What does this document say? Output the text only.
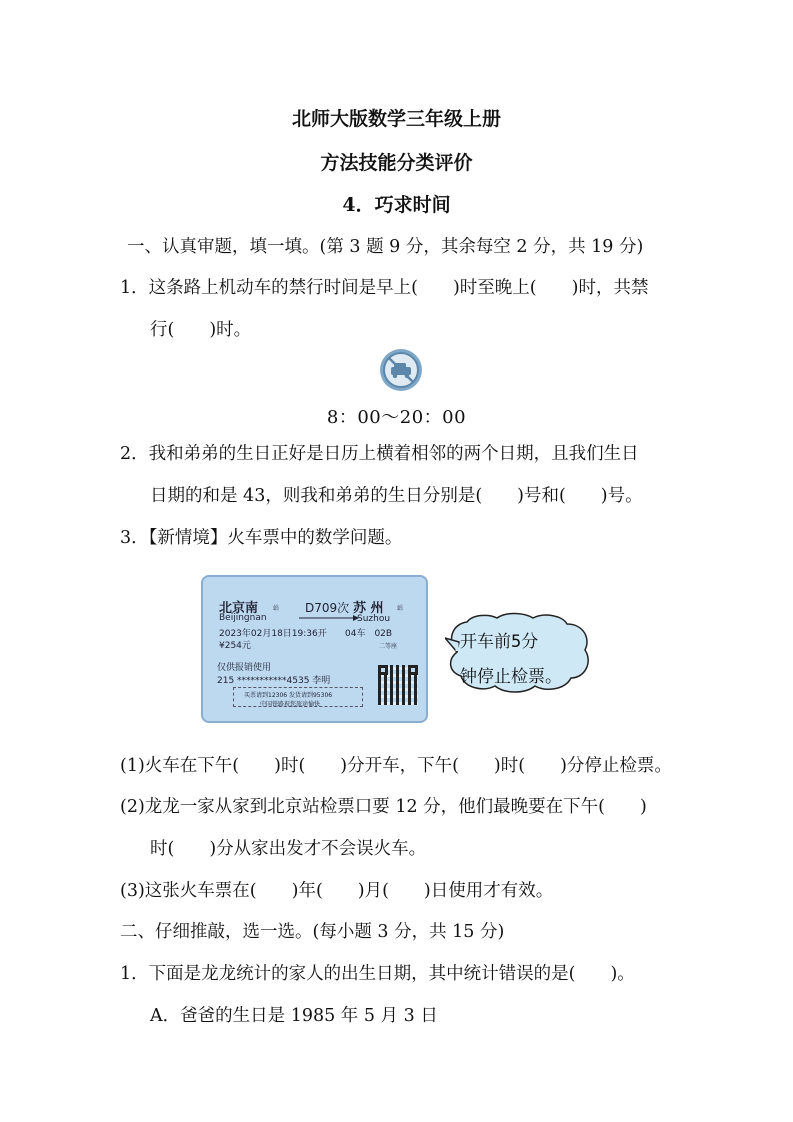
北师大版数学三年级上册
方法技能分类评价
4．巧求时间
一、认真审题，填一填。(第 3 题 9 分，其余每空 2 分，共 19 分)
1．这条路上机动车的禁行时间是早上(　　)时至晚上(　　)时，共禁
行(　　)时。
8：00～20：00
2．我和弟弟的生日正好是日历上横着相邻的两个日期，且我们生日
日期的和是 43，则我和弟弟的生日分别是(　　)号和(　　)号。
3．【新情境】火车票中的数学问题。
北京南 站
Beijingnan
D709次 苏 州 站
Suzhou
2023年02月18日19:36开 04车　02B
¥254元	二等座
仅供报销使用
215 ***********4535 李明
买票请到12306 发货请到95306
中国铁路祝您旅途愉快
开车前5分
钟停止检票。
(1)火车在下午(　　)时(　　)分开车，下午(　　)时(　　)分停止检票。
(2)龙龙一家从家到北京站检票口要 12 分，他们最晚要在下午(　　)
时(　　)分从家出发才不会误火车。
(3)这张火车票在(　　)年(　　)月(　　)日使用才有效。
二、仔细推敲，选一选。(每小题 3 分，共 15 分)
1．下面是龙龙统计的家人的出生日期，其中统计错误的是(　　)。
A．爸爸的生日是 1985 年 5 月 3 日
